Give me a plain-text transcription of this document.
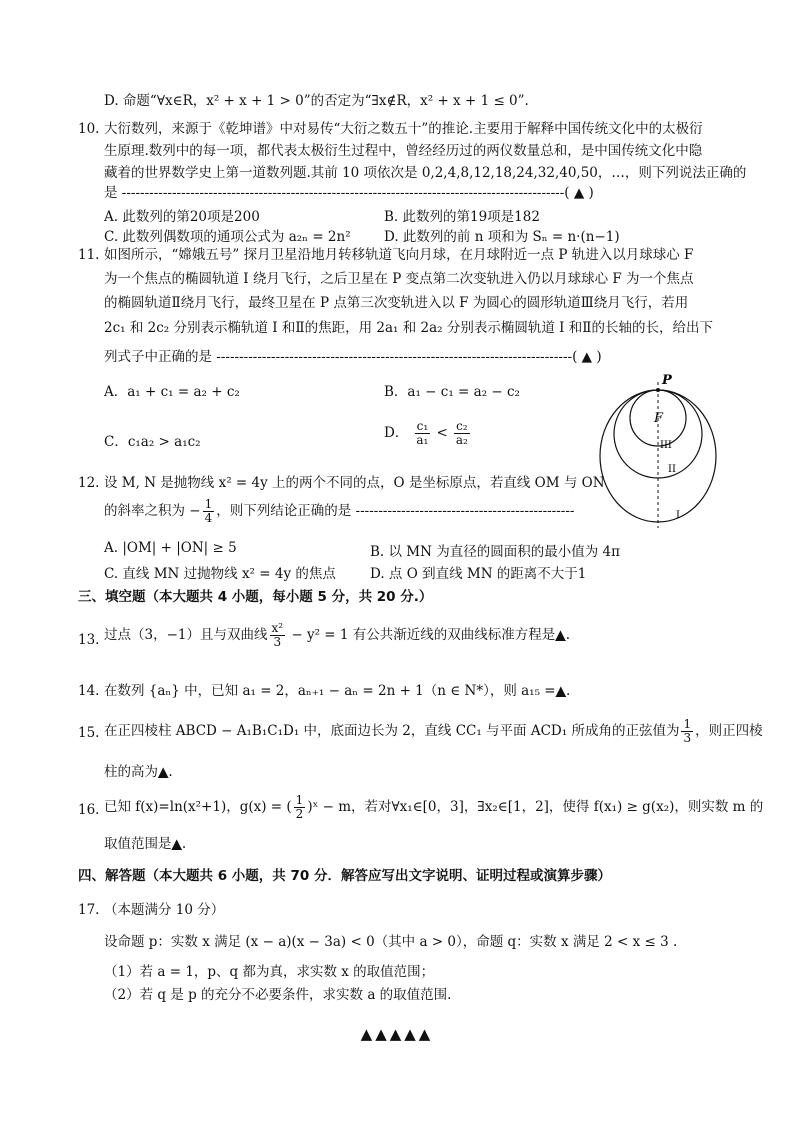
D. 命题“∀x∈R，x² + x + 1 > 0”的否定为“∃x∉R，x² + x + 1 ≤ 0”.
10. 大衍数列，来源于《乾坤谱》中对易传“大衍之数五十”的推论.主要用于解释中国传统文化中的太极衍
生原理.数列中的每一项，都代表太极衍生过程中，曾经经历过的两仪数量总和，是中国传统文化中隐
藏着的世界数学史上第一道数列题.其前 10 项依次是 0,2,4,8,12,18,24,32,40,50，…，则下列说法正确的
是 -------------------------------------------------------------------------------------------------( ▲ )
A. 此数列的第20项是200	B. 此数列的第19项是182
C. 此数列偶数项的通项公式为 a₂ₙ = 2n² D. 此数列的前 n 项和为 Sₙ = n·(n−1)
11. 如图所示，“嫦娥五号” 探月卫星沿地月转移轨道飞向月球，在月球附近一点 P 轨进入以月球球心 F
为一个焦点的椭圆轨道 I 绕月飞行，之后卫星在 P 变点第二次变轨进入仍以月球球心 F 为一个焦点
的椭圆轨道Ⅱ绕月飞行，最终卫星在 P 点第三次变轨进入以 F 为圆心的圆形轨道Ⅲ绕月飞行，若用
2c₁ 和 2c₂ 分别表示椭轨道 I 和Ⅱ的焦距，用 2a₁ 和 2a₂ 分别表示椭圆轨道 I 和Ⅱ的长轴的长，给出下
列式子中正确的是 ------------------------------------------------------------------------------( ▲ )
A．a₁ + c₁ = a₂ + c₂	B．a₁ − c₁ = a₂ − c₂
C．c₁a₂ > a₁c₂
D． $\frac{\text{c₁}}{\text{a₁}} < \frac{\text{c₂}}{\text{a₂}}$
P
F
III
II
I
12. 设 M, N 是抛物线 x² = 4y 上的两个不同的点，O 是坐标原点，若直线 OM 与 ON
的斜率之积为 − $\frac{1}{4}$ ，则下列结论正确的是 ------------------------------------------------
A. |OM| + |ON| ≥ 5	B. 以 MN 为直径的圆面积的最小值为 4π
C. 直线 MN 过抛物线 x² = 4y 的焦点	D. 点 O 到直线 MN 的距离不大于1
三、填空题（本大题共 4 小题，每小题 5 分，共 20 分.）
13. 过点（3，−1）且与双曲线 $\frac{\text{x²}}{3} - y^2 = 1$ 有公共渐近线的双曲线标准方程是▲.
14. 在数列 {aₙ} 中，已知 a₁ = 2，aₙ₊₁ − aₙ = 2n + 1（n ∈ N*），则 a₁₅ =▲.
15. 在正四棱柱 ABCD − A₁B₁C₁D₁ 中，底面边长为 2，直线 CC₁ 与平面 ACD₁ 所成角的正弦值为 $\frac{1}{3}$ ，则正四棱
柱的高为▲.
16. 已知 f(x)=ln(x²+1)，g(x) = ( $\frac{1}{2}$ )ˣ − m，若对∀x₁∈[0，3]，∃x₂∈[1，2]，使得 f(x₁) ≥ g(x₂)，则实数 m 的
取值范围是▲.
四、解答题（本大题共 6 小题，共 70 分．解答应写出文字说明、证明过程或演算步骤）
17. （本题满分 10 分）
设命题 p：实数 x 满足 (x − a)(x − 3a) < 0（其中 a > 0），命题 q：实数 x 满足 2 < x ≤ 3 .
（1）若 a = 1，p、q 都为真，求实数 x 的取值范围；
（2）若 q 是 p 的充分不必要条件，求实数 a 的取值范围.
▲▲▲▲▲
